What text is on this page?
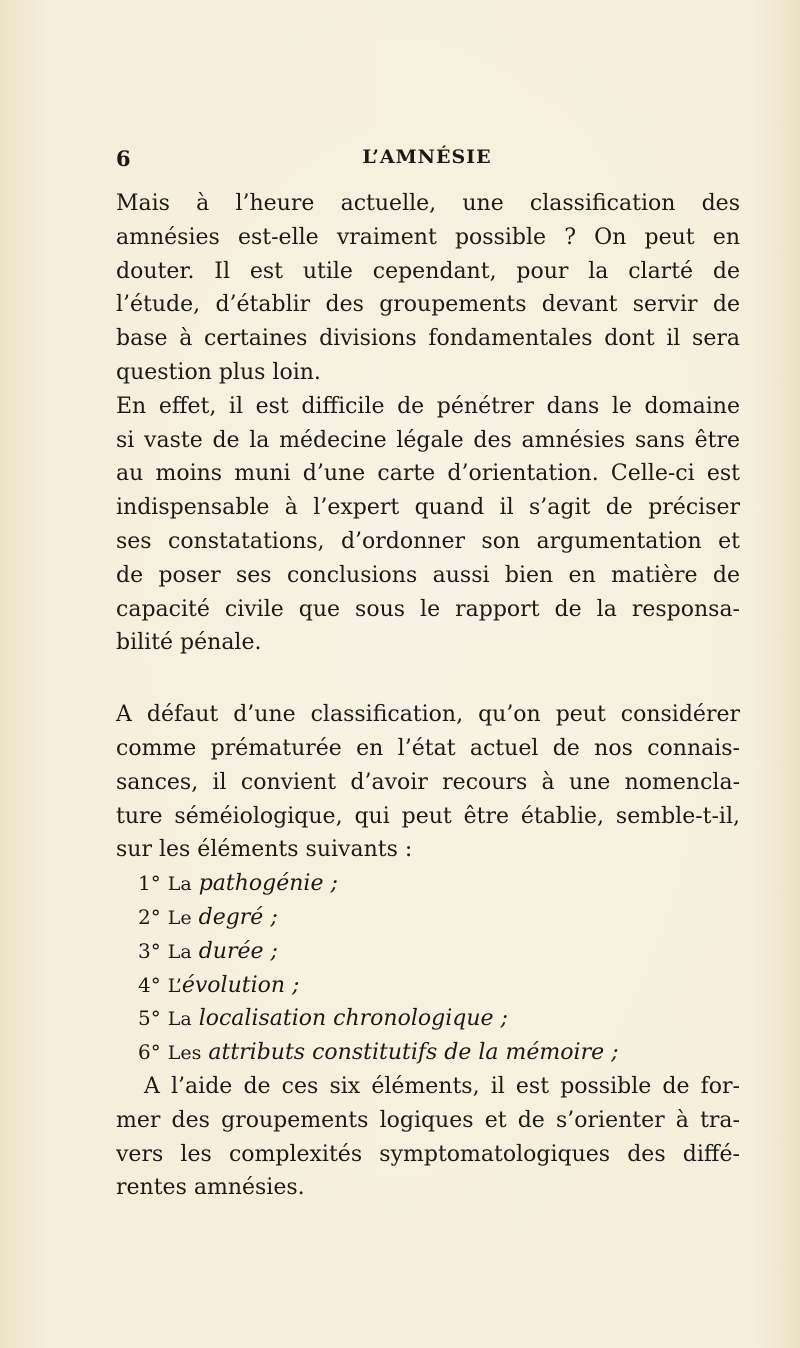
6	L’AMNÉSIE
Mais à l’heure actuelle, une classification des
amnésies est-elle vraiment possible ? On peut en
douter. Il est utile cependant, pour la clarté de
l’étude, d’établir des groupements devant servir de
base à certaines divisions fondamentales dont il sera
question plus loin.
En effet, il est difficile de pénétrer dans le domaine
si vaste de la médecine légale des amnésies sans être
au moins muni d’une carte d’orientation. Celle-ci est
indispensable à l’expert quand il s’agit de préciser
ses constatations, d’ordonner son argumentation et
de poser ses conclusions aussi bien en matière de
capacité civile que sous le rapport de la responsa-
bilité pénale.
A défaut d’une classification, qu’on peut considérer
comme prématurée en l’état actuel de nos connais-
sances, il convient d’avoir recours à une nomencla-
ture séméiologique, qui peut être établie, semble-t-il,
sur les éléments suivants :
1° La pathogénie ;
2° Le degré ;
3° La durée ;
4° L’évolution ;
5° La localisation chronologique ;
6° Les attributs constitutifs de la mémoire ;
A l’aide de ces six éléments, il est possible de for-
mer des groupements logiques et de s’orienter à tra-
vers les complexités symptomatologiques des diffé-
rentes amnésies.
